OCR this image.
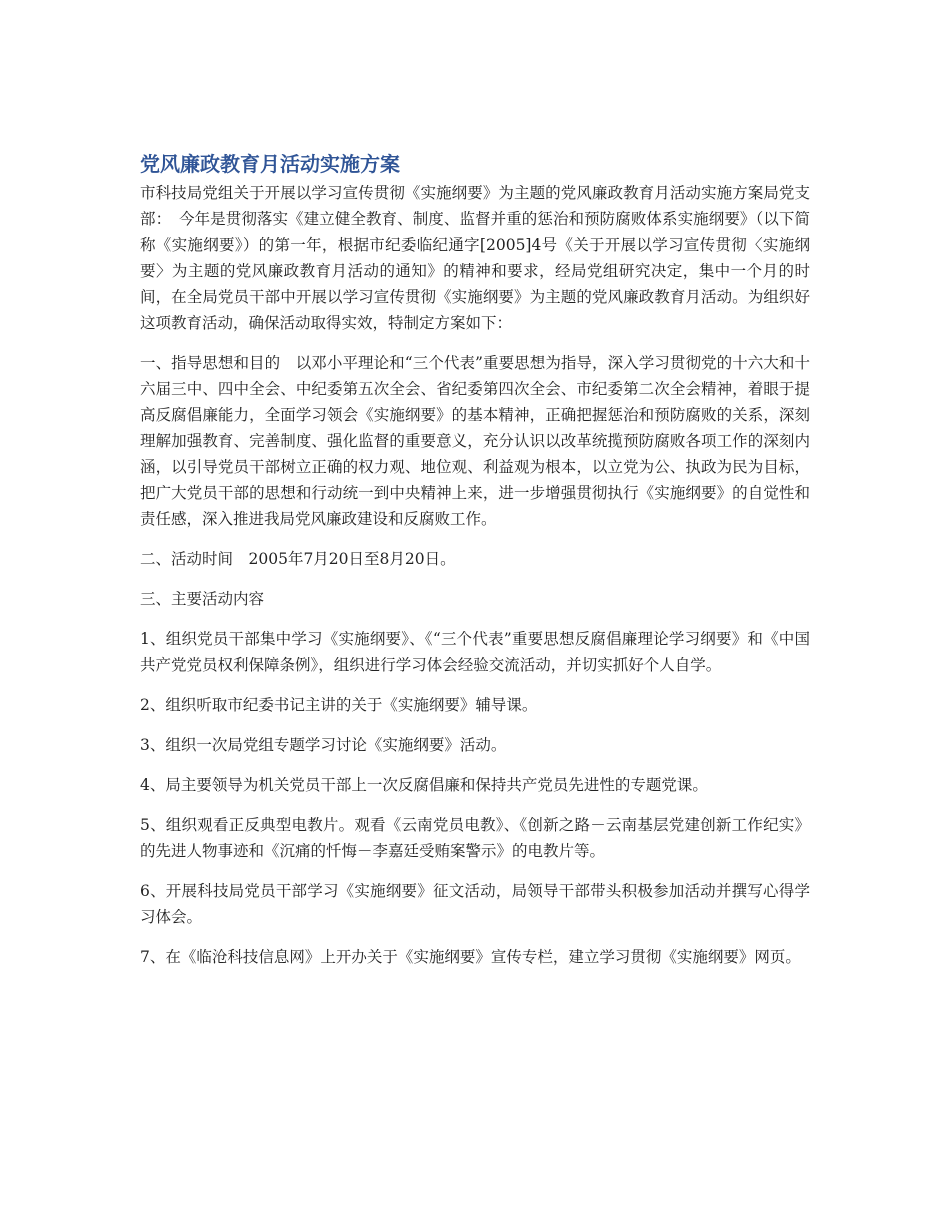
党风廉政教育月活动实施方案

市科技局党组关于开展以学习宣传贯彻《实施纲要》为主题的党风廉政教育月活动实施方案局党支部：　今年是贯彻落实《建立健全教育、制度、监督并重的惩治和预防腐败体系实施纲要》（以下简称《实施纲要》）的第一年，根据市纪委临纪通字[2005]4号《关于开展以学习宣传贯彻〈实施纲要〉为主题的党风廉政教育月活动的通知》的精神和要求，经局党组研究决定，集中一个月的时间，在全局党员干部中开展以学习宣传贯彻《实施纲要》为主题的党风廉政教育月活动。为组织好这项教育活动，确保活动取得实效，特制定方案如下：

一、指导思想和目的　以邓小平理论和“三个代表”重要思想为指导，深入学习贯彻党的十六大和十六届三中、四中全会、中纪委第五次全会、省纪委第四次全会、市纪委第二次全会精神，着眼于提高反腐倡廉能力，全面学习领会《实施纲要》的基本精神，正确把握惩治和预防腐败的关系，深刻理解加强教育、完善制度、强化监督的重要意义，充分认识以改革统揽预防腐败各项工作的深刻内涵，以引导党员干部树立正确的权力观、地位观、利益观为根本，以立党为公、执政为民为目标，把广大党员干部的思想和行动统一到中央精神上来，进一步增强贯彻执行《实施纲要》的自觉性和责任感，深入推进我局党风廉政建设和反腐败工作。

二、活动时间　2005年7月20日至8月20日。

三、主要活动内容

1、组织党员干部集中学习《实施纲要》、《“三个代表”重要思想反腐倡廉理论学习纲要》和《中国共产党党员权利保障条例》，组织进行学习体会经验交流活动，并切实抓好个人自学。

2、组织听取市纪委书记主讲的关于《实施纲要》辅导课。

3、组织一次局党组专题学习讨论《实施纲要》活动。

4、局主要领导为机关党员干部上一次反腐倡廉和保持共产党员先进性的专题党课。

5、组织观看正反典型电教片。观看《云南党员电教》、《创新之路－云南基层党建创新工作纪实》的先进人物事迹和《沉痛的忏悔－李嘉廷受贿案警示》的电教片等。

6、开展科技局党员干部学习《实施纲要》征文活动，局领导干部带头积极参加活动并撰写心得学习体会。

7、在《临沧科技信息网》上开办关于《实施纲要》宣传专栏，建立学习贯彻《实施纲要》网页。
